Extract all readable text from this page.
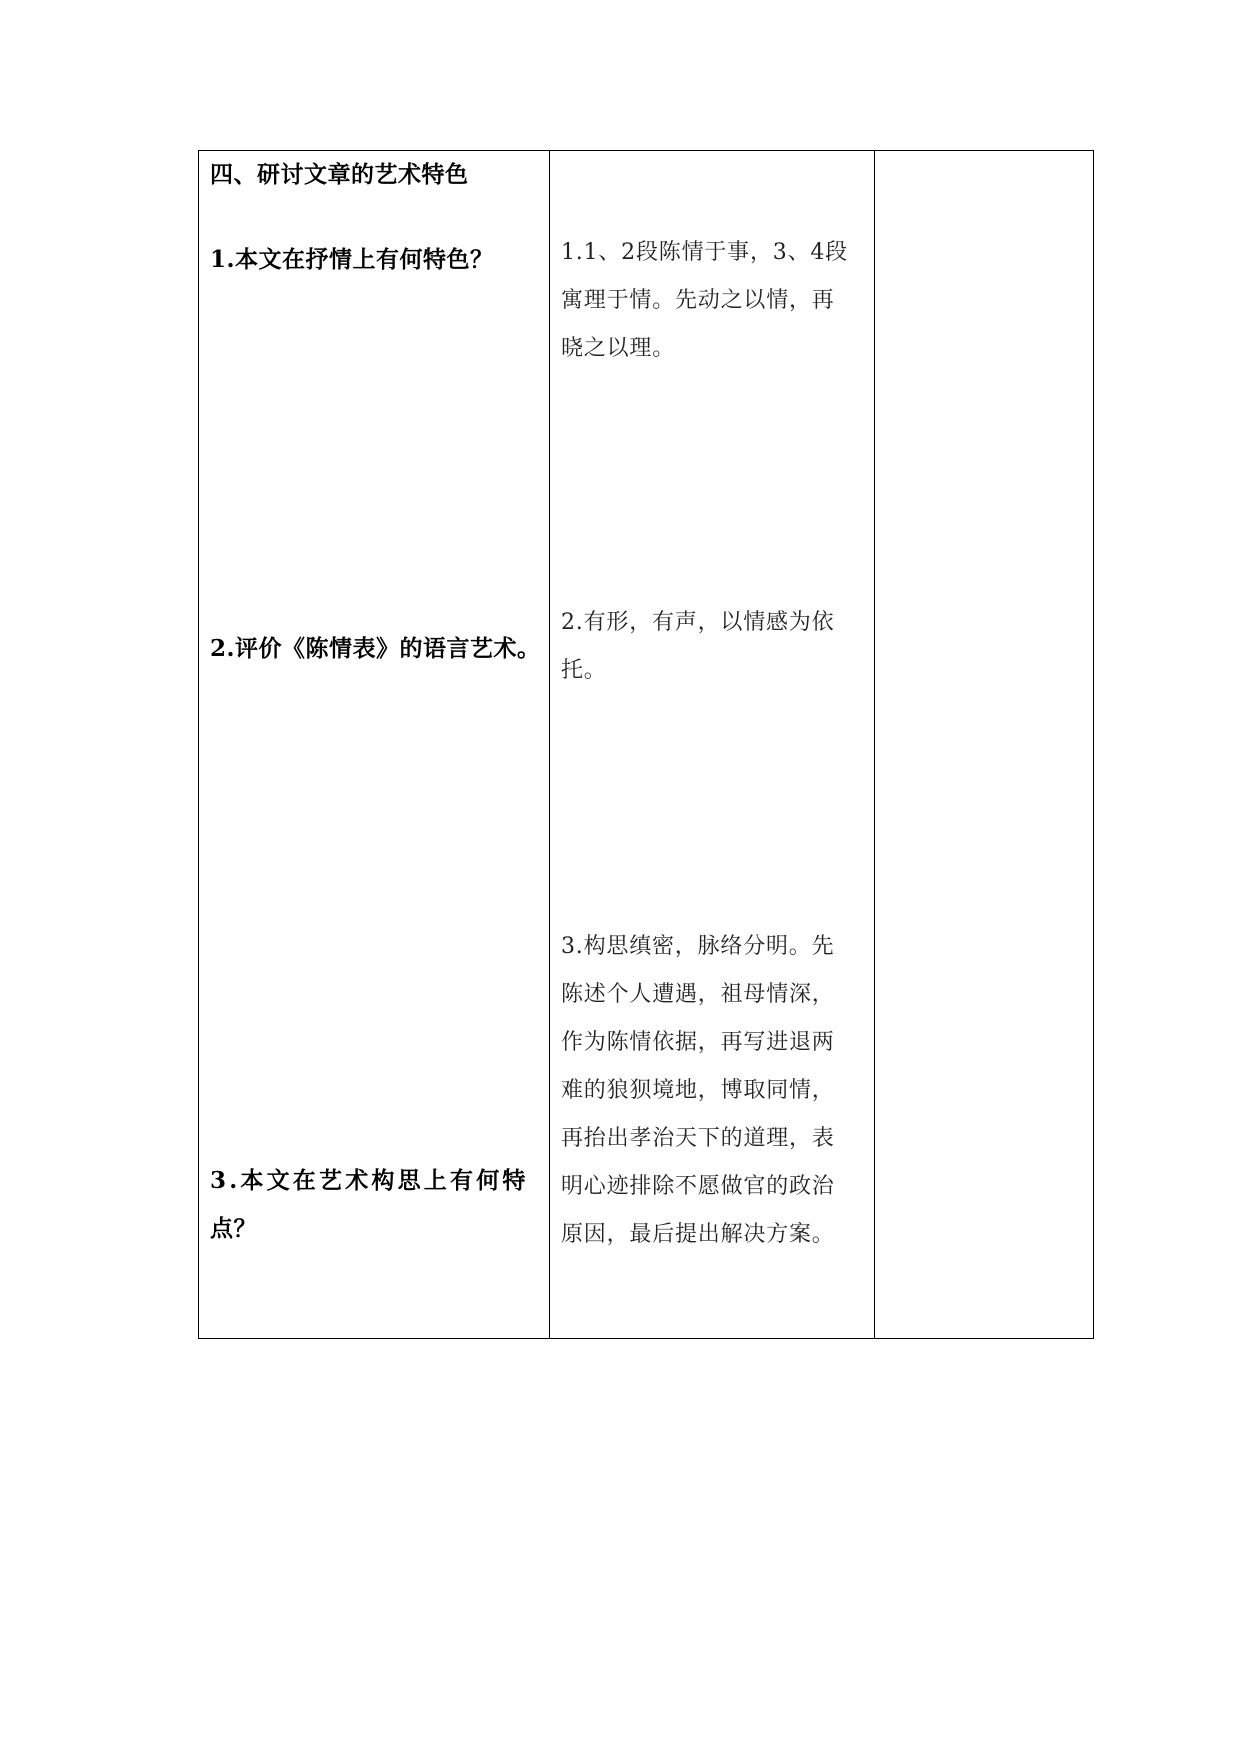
四、研讨文章的艺术特色
1.本文在抒情上有何特色？
2.评价《陈情表》的语言艺术。
3.本文在艺术构思上有何特
点？
1.1、2段陈情于事，3、4段
寓理于情。先动之以情，再
晓之以理。
2.有形，有声，以情感为依
托。
3.构思缜密，脉络分明。先
陈述个人遭遇，祖母情深，
作为陈情依据，再写进退两
难的狼狈境地，博取同情，
再抬出孝治天下的道理，表
明心迹排除不愿做官的政治
原因，最后提出解决方案。
